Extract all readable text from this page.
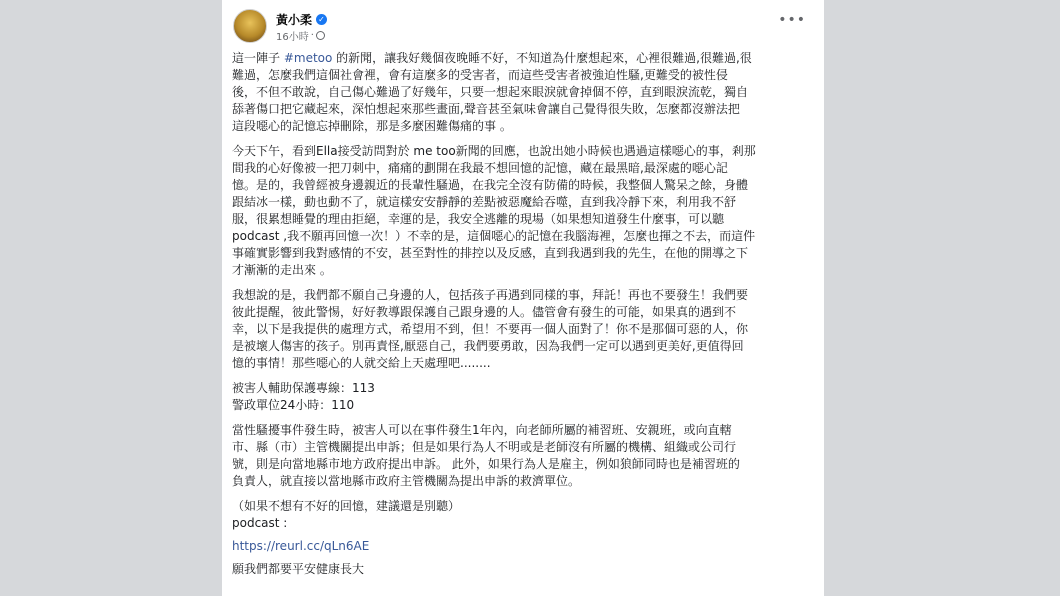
黃小柔 ✓
16小時 ·
•••
這一陣子 #metoo 的新聞，讓我好幾個夜晚睡不好，不知道為什麼想起來，心裡很難過,很難過,很
難過，怎麼我們這個社會裡，會有這麼多的受害者，而這些受害者被強迫性騷,更難受的被性侵
後，不但不敢說，自己傷心難過了好幾年，只要一想起來眼淚就會掉個不停，直到眼淚流乾，獨自
舔著傷口把它藏起來，深怕想起來那些畫面,聲音甚至氣味會讓自己覺得很失敗，怎麼都沒辦法把
這段噁心的記憶忘掉刪除，那是多麼困難傷痛的事 。
今天下午，看到Ella接受訪問對於 me too新聞的回應，也說出她小時候也遇過這樣噁心的事，剎那
間我的心好像被一把刀刺中，痛痛的劃開在我最不想回憶的記憶，藏在最黑暗,最深處的噁心記
憶。是的，我曾經被身邊親近的長輩性騷過，在我完全沒有防備的時候，我整個人驚呆之餘，身體
跟結冰一樣，動也動不了，就這樣安安靜靜的差點被惡魔給吞噬，直到我冷靜下來，利用我不舒
服，很累想睡覺的理由拒絕，幸運的是，我安全逃離的現場（如果想知道發生什麼事，可以聽
podcast ,我不願再回憶一次！）不幸的是，這個噁心的記憶在我腦海裡，怎麼也揮之不去，而這件
事確實影響到我對感情的不安，甚至對性的排控以及反感，直到我遇到我的先生，在他的開導之下
才漸漸的走出來 。
我想說的是，我們都不願自己身邊的人，包括孩子再遇到同樣的事，拜託！再也不要發生！我們要
彼此提醒，彼此警惕，好好教導跟保護自己跟身邊的人。儘管會有發生的可能，如果真的遇到不
幸，以下是我提供的處理方式，希望用不到，但！不要再一個人面對了！你不是那個可惡的人，你
是被壞人傷害的孩子。別再責怪,厭惡自己，我們要勇敢，因為我們一定可以遇到更美好,更值得回
憶的事情！那些噁心的人就交給上天處理吧........
被害人輔助保護專線：113
警政單位24小時：110
當性騷擾事件發生時，被害人可以在事件發生1年內，向老師所屬的補習班、安親班，或向直轄
市、縣（市）主管機關提出申訴；但是如果行為人不明或是老師沒有所屬的機構、組織或公司行
號，則是向當地縣市地方政府提出申訴。 此外，如果行為人是雇主，例如狼師同時也是補習班的
負責人，就直接以當地縣市政府主管機關為提出申訴的救濟單位。
（如果不想有不好的回憶，建議還是別聽）
podcast :
https://reurl.cc/qLn6AE
願我們都要平安健康長大
